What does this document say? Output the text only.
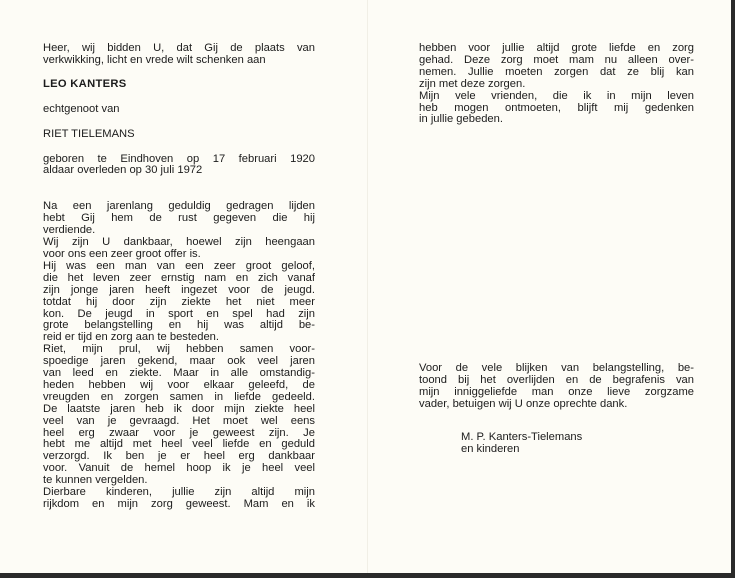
Heer, wij bidden U, dat Gij de plaats van
verkwikking, licht en vrede wilt schenken aan

LEO KANTERS

echtgenoot van

RIET TIELEMANS

geboren te Eindhoven op 17 februari 1920
aldaar overleden op 30 juli 1972

Na een jarenlang geduldig gedragen lijden
hebt Gij hem de rust gegeven die hij
verdiende.
Wij zijn U dankbaar, hoewel zijn heengaan
voor ons een zeer groot offer is.
Hij was een man van een zeer groot geloof,
die het leven zeer ernstig nam en zich vanaf
zijn jonge jaren heeft ingezet voor de jeugd.
totdat hij door zijn ziekte het niet meer
kon. De jeugd in sport en spel had zijn
grote belangstelling en hij was altijd be-
reid er tijd en zorg aan te besteden.
Riet, mijn prul, wij hebben samen voor-
spoedige jaren gekend, maar ook veel jaren
van leed en ziekte. Maar in alle omstandig-
heden hebben wij voor elkaar geleefd, de
vreugden en zorgen samen in liefde gedeeld.
De laatste jaren heb ik door mijn ziekte heel
veel van je gevraagd. Het moet wel eens
heel erg zwaar voor je geweest zijn. Je
hebt me altijd met heel veel liefde en geduld
verzorgd. Ik ben je er heel erg dankbaar
voor. Vanuit de hemel hoop ik je heel veel
te kunnen vergelden.
Dierbare kinderen, jullie zijn altijd mijn
rijkdom en mijn zorg geweest. Mam en ik

hebben voor jullie altijd grote liefde en zorg
gehad. Deze zorg moet mam nu alleen over-
nemen. Jullie moeten zorgen dat ze blij kan
zijn met deze zorgen.
Mijn vele vrienden, die ik in mijn leven
heb mogen ontmoeten, blijft mij gedenken
in jullie gebeden.

Voor de vele blijken van belangstelling, be-
toond bij het overlijden en de begrafenis van
mijn inniggeliefde man onze lieve zorgzame
vader, betuigen wij U onze oprechte dank.

M. P. Kanters-Tielemans
en kinderen
